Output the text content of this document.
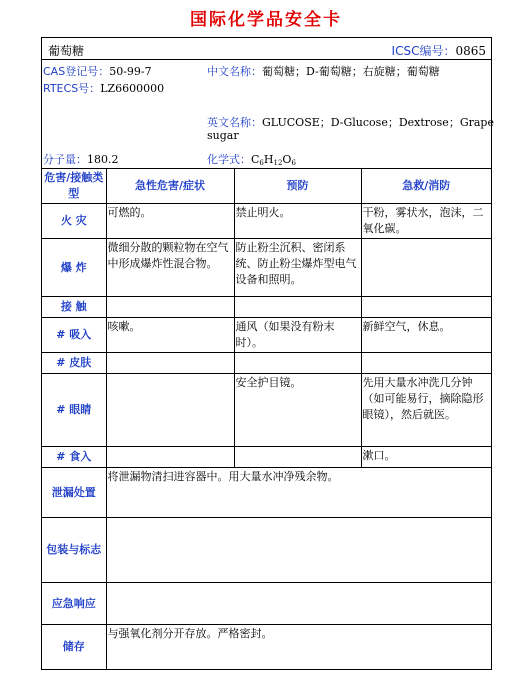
国际化学品安全卡
葡萄糖	ICSC编号：0865
CAS登记号：50-99-7
RTECS号：LZ6600000
中文名称：葡萄糖；D-葡萄糖；右旋糖；葡萄糖
英文名称：GLUCOSE；D-Glucose；Dextrose；Grape
sugar
分子量：180.2	化学式：$C_6H_{12}O_6$
危害/接触类型	急性危害/症状	预防	急救/消防
火 灾	可燃的。	禁止明火。	干粉，雾状水，泡沫，二氧化碳。
爆 炸	微细分散的颗粒物在空气中形成爆炸性混合物。	防止粉尘沉积、密闭系统、防止粉尘爆炸型电气设备和照明。	
接 触			
# 吸入	咳嗽。	通风（如果没有粉末时）。	新鲜空气，休息。
# 皮肤			
# 眼睛		安全护目镜。	先用大量水冲洗几分钟（如可能易行，摘除隐形眼镜），然后就医。
# 食入			漱口。
泄漏处置	将泄漏物清扫进容器中。用大量水冲净残余物。		
包装与标志			
应急响应			
储存	与强氧化剂分开存放。严格密封。		
